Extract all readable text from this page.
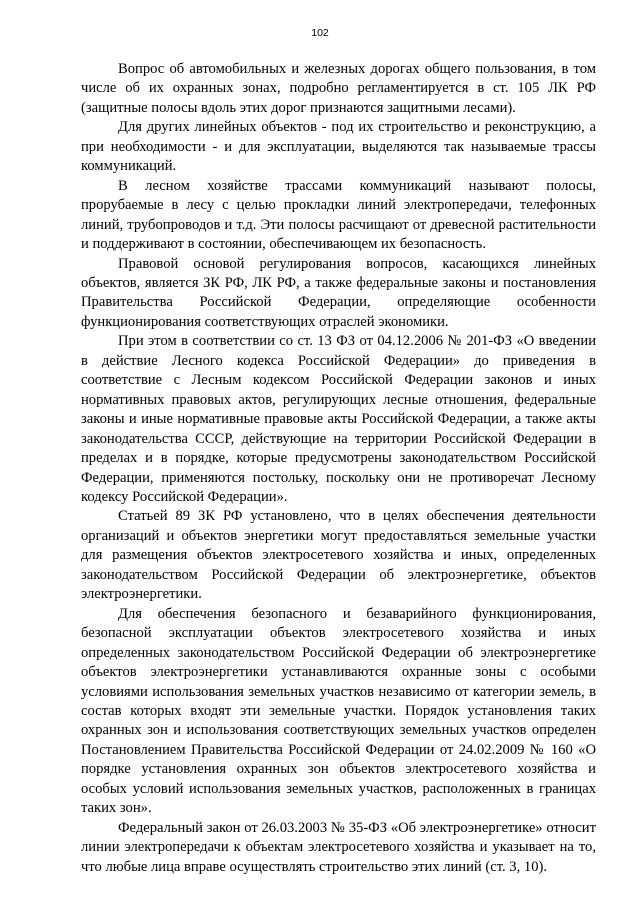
102

Вопрос об автомобильных и железных дорогах общего пользования, в том числе об их охранных зонах, подробно регламентируется в ст. 105 ЛК РФ (защитные полосы вдоль этих дорог признаются защитными лесами).

Для других линейных объектов - под их строительство и реконструкцию, а при необходимости - и для эксплуатации, выделяются так называемые трассы коммуникаций.

В лесном хозяйстве трассами коммуникаций называют полосы, прорубаемые в лесу с целью прокладки линий электропередачи, телефонных линий, трубопроводов и т.д. Эти полосы расчищают от древесной растительности и поддерживают в состоянии, обеспечивающем их безопасность.

Правовой основой регулирования вопросов, касающихся линейных объектов, является ЗК РФ, ЛК РФ, а также федеральные законы и постановления Правительства Российской Федерации, определяющие особенности функционирования соответствующих отраслей экономики.

При этом в соответствии со ст. 13 ФЗ от 04.12.2006 № 201-ФЗ «О введении в действие Лесного кодекса Российской Федерации» до приведения в соответствие с Лесным кодексом Российской Федерации законов и иных нормативных правовых актов, регулирующих лесные отношения, федеральные законы и иные нормативные правовые акты Российской Федерации, а также акты законодательства СССР, действующие на территории Российской Федерации в пределах и в порядке, которые предусмотрены законодательством Российской Федерации, применяются постольку, поскольку они не противоречат Лесному кодексу Российской Федерации».

Статьей 89 ЗК РФ установлено, что в целях обеспечения деятельности организаций и объектов энергетики могут предоставляться земельные участки для размещения объектов электросетевого хозяйства и иных, определенных законодательством Российской Федерации об электроэнергетике, объектов электроэнергетики.

Для обеспечения безопасного и безаварийного функционирования, безопасной эксплуатации объектов электросетевого хозяйства и иных определенных законодательством Российской Федерации об электроэнергетике объектов электроэнергетики устанавливаются охранные зоны с особыми условиями использования земельных участков независимо от категории земель, в состав которых входят эти земельные участки. Порядок установления таких охранных зон и использования соответствующих земельных участков определен Постановлением Правительства Российской Федерации от 24.02.2009 № 160 «О порядке установления охранных зон объектов электросетевого хозяйства и особых условий использования земельных участков, расположенных в границах таких зон».

Федеральный закон от 26.03.2003 № 35-ФЗ «Об электроэнергетике» относит линии электропередачи к объектам электросетевого хозяйства и указывает на то, что любые лица вправе осуществлять строительство этих линий (ст. 3, 10).
